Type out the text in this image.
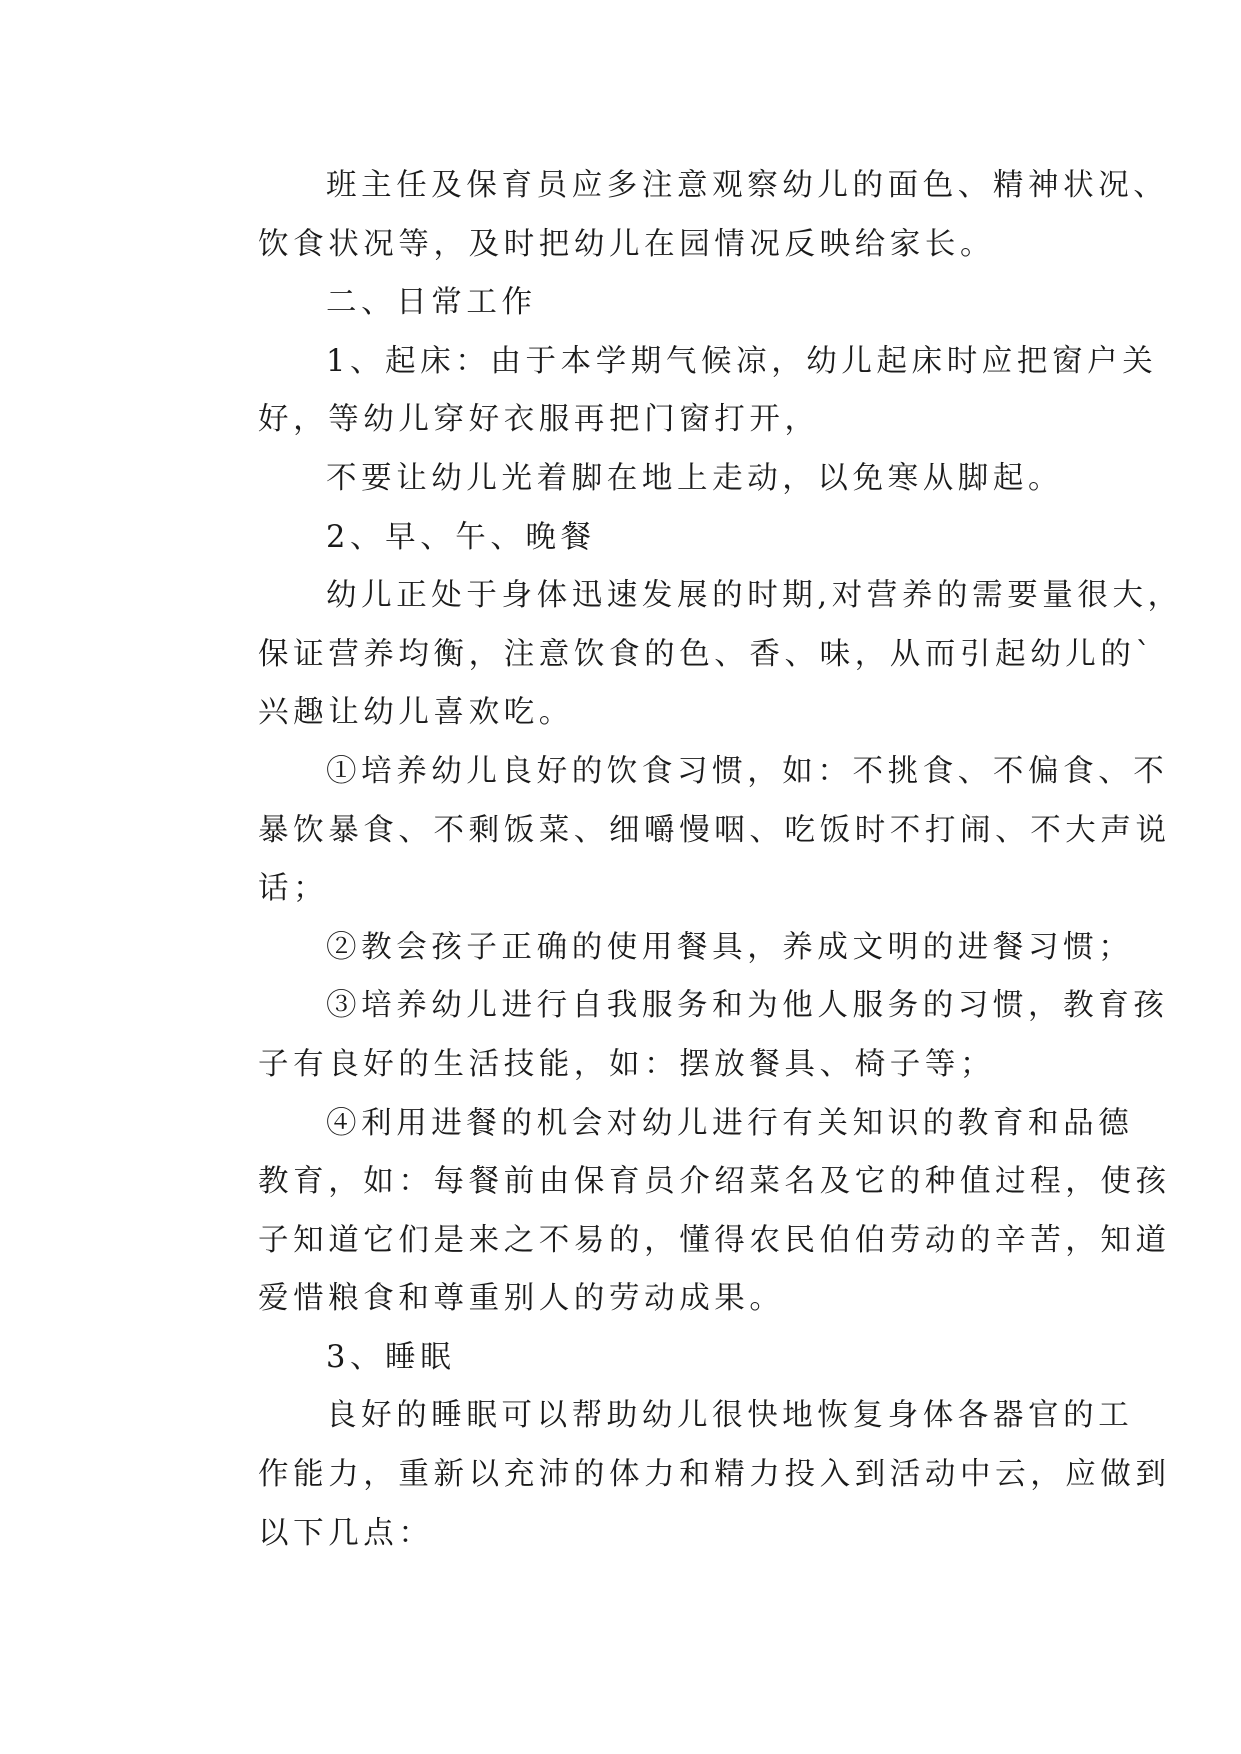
班主任及保育员应多注意观察幼儿的面色、精神状况、
饮食状况等，及时把幼儿在园情况反映给家长。

二、日常工作

1、起床：由于本学期气候凉，幼儿起床时应把窗户关
好，等幼儿穿好衣服再把门窗打开，

不要让幼儿光着脚在地上走动，以免寒从脚起。

2、早、午、晚餐

幼儿正处于身体迅速发展的时期,对营养的需要量很大，
保证营养均衡，注意饮食的色、香、味，从而引起幼儿的`
兴趣让幼儿喜欢吃。

①培养幼儿良好的饮食习惯，如：不挑食、不偏食、不
暴饮暴食、不剩饭菜、细嚼慢咽、吃饭时不打闹、不大声说
话；

②教会孩子正确的使用餐具，养成文明的进餐习惯；

③培养幼儿进行自我服务和为他人服务的习惯，教育孩
子有良好的生活技能，如：摆放餐具、椅子等；

④利用进餐的机会对幼儿进行有关知识的教育和品德
教育，如：每餐前由保育员介绍菜名及它的种值过程，使孩
子知道它们是来之不易的，懂得农民伯伯劳动的辛苦，知道
爱惜粮食和尊重别人的劳动成果。

3、睡眠

良好的睡眠可以帮助幼儿很快地恢复身体各器官的工
作能力，重新以充沛的体力和精力投入到活动中云，应做到
以下几点：
